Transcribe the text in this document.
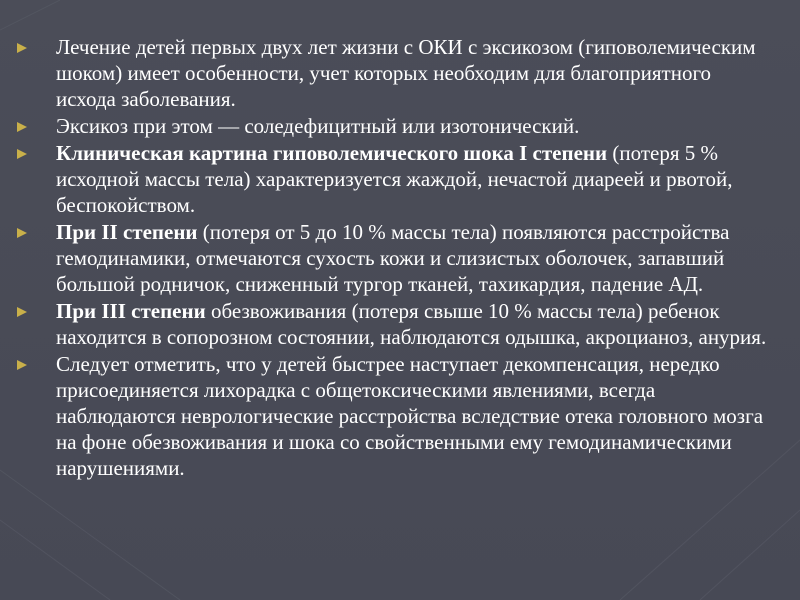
Лечение детей первых двух лет жизни с ОКИ с эксикозом (гиповолемическим шоком) имеет особенности, учет которых необходим для благоприятного исхода заболевания.
Эксикоз при этом — соледефицитный или изотонический.
Клиническая картина гиповолемического шока I степени (потеря 5 % исходной массы тела) характеризуется жаждой, нечастой диареей и рвотой, беспокойством.
При II степени (потеря от 5 до 10 % массы тела) появляются расстройства гемодинамики, отмечаются сухость кожи и слизистых оболочек, запавший большой родничок, сниженный тургор тканей, тахикардия, падение АД.
При III степени обезвоживания (потеря свыше 10 % массы тела) ребенок находится в сопорозном состоянии, наблюдаются одышка, акроцианоз, анурия.
Следует отметить, что у детей быстрее наступает декомпенсация, нередко присоединяется лихорадка с общетоксическими явлениями, всегда наблюдаются неврологические расстройства вследствие отека головного мозга на фоне обезвоживания и шока со свойственными ему гемодинамическими нарушениями.
